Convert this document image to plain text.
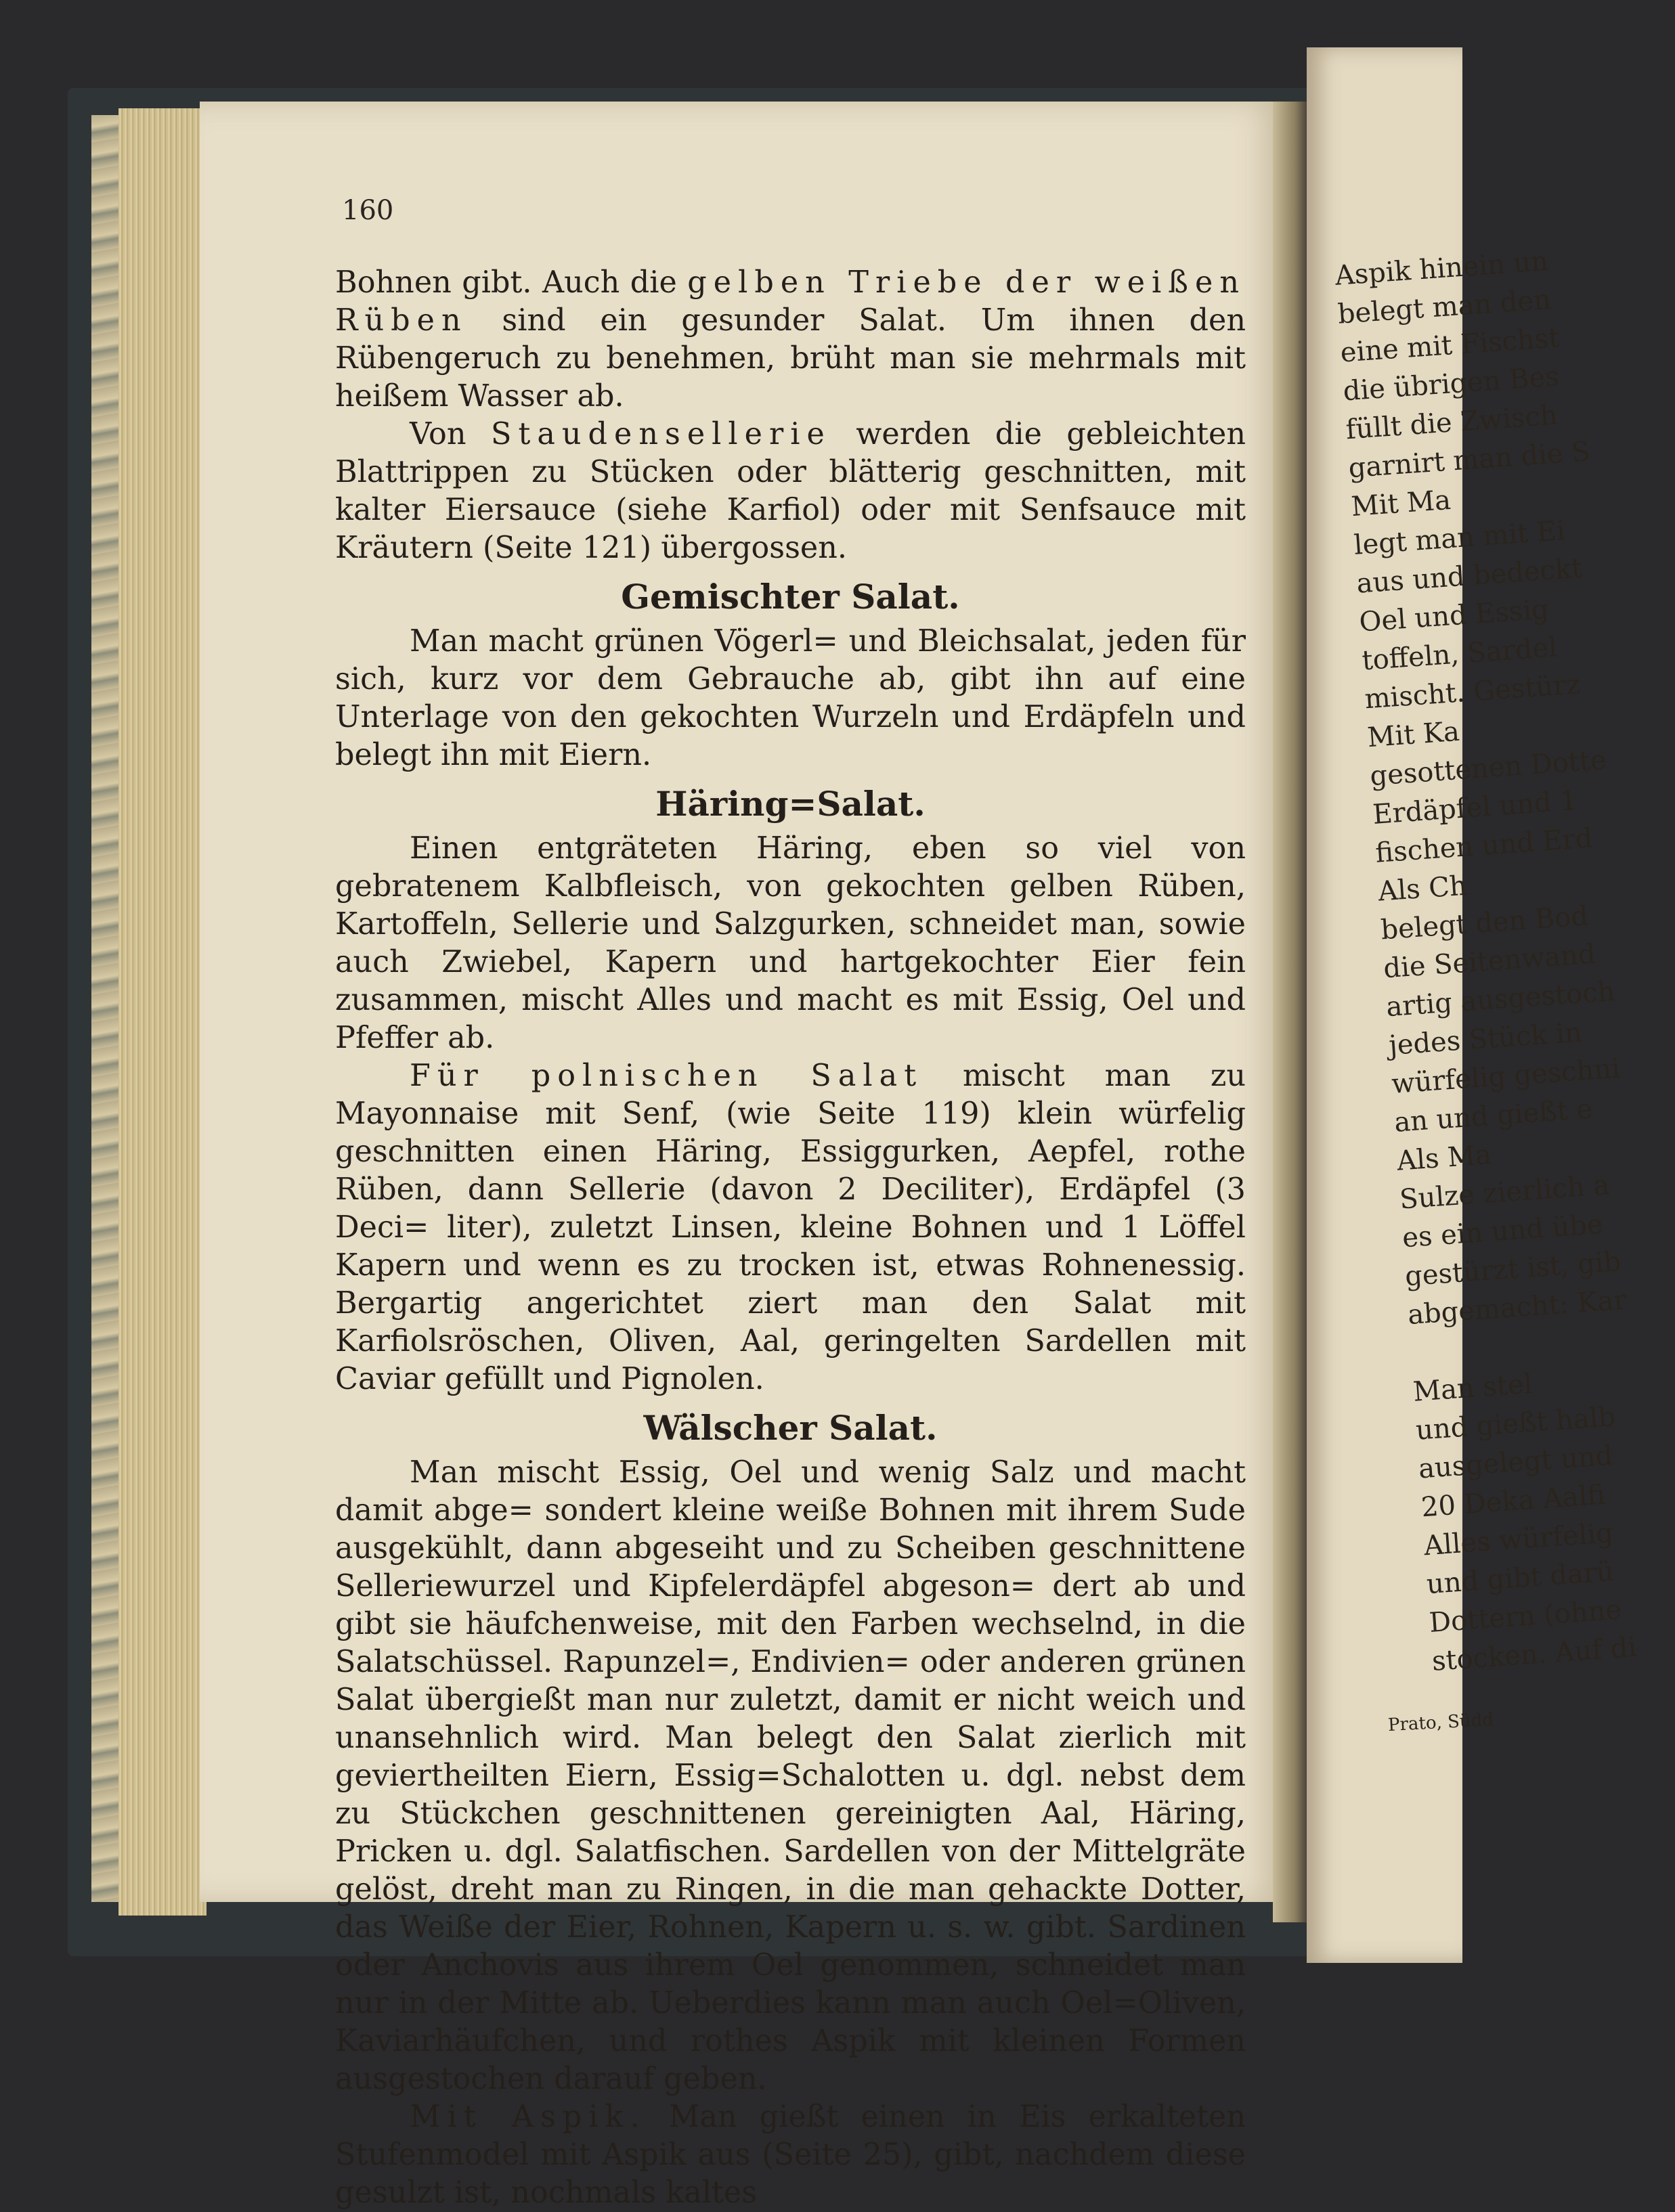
Aspik hinein un
belegt man den
eine mit Fischst
die übrigen Bes
füllt die Zwisch
garnirt man die S
Mit Ma
legt man mit Ei
aus und bedeckt
Oel und Essig
toffeln, Sardel
mischt. Gestürz
Mit Ka
gesottenen Dotte
Erdäpfel und 1
fischen und Erd
Als Ch
belegt den Bod
die Seitenwand
artig ausgestoch
jedes Stück in
würfelig geschni
an und gießt e
Als Ma
Sulze zierlich a
es ein und übe
gestürzt ist, gib
abgemacht: Kar
Man stel
und gießt halb
ausgelegt und
20 Deka Aalfi
Alles würfelig
und gibt darü
Dottern (ohne
stocken. Auf di
160

Bohnen gibt. Auch die gelben Triebe der weißen Rüben sind ein gesunder Salat. Um ihnen den Rübengeruch zu benehmen, brüht man sie mehrmals mit heißem Wasser ab.

Von Staudensellerie werden die gebleichten Blattrippen zu Stücken oder blätterig geschnitten, mit kalter Eiersauce (siehe Karfiol) oder mit Senfsauce mit Kräutern (Seite 121) übergossen.

Gemischter Salat.

Man macht grünen Vögerl= und Bleichsalat, jeden für sich, kurz vor dem Gebrauche ab, gibt ihn auf eine Unterlage von den gekochten Wurzeln und Erdäpfeln und belegt ihn mit Eiern.

Häring=Salat.

Einen entgräteten Häring, eben so viel von gebratenem Kalbfleisch, von gekochten gelben Rüben, Kartoffeln, Sellerie und Salzgurken, schneidet man, sowie auch Zwiebel, Kapern und hartgekochter Eier fein zusammen, mischt Alles und macht es mit Essig, Oel und Pfeffer ab.

Für polnischen Salat mischt man zu Mayonnaise mit Senf, (wie Seite 119) klein würfelig geschnitten einen Häring, Essiggurken, Aepfel, rothe Rüben, dann Sellerie (davon 2 Deciliter), Erdäpfel (3 Deci= liter), zuletzt Linsen, kleine Bohnen und 1 Löffel Kapern und wenn es zu trocken ist, etwas Rohnenessig. Bergartig angerichtet ziert man den Salat mit Karfiolsröschen, Oliven, Aal, geringelten Sardellen mit Caviar gefüllt und Pignolen.

Wälscher Salat.

Man mischt Essig, Oel und wenig Salz und macht damit abge= sondert kleine weiße Bohnen mit ihrem Sude ausgekühlt, dann abgeseiht und zu Scheiben geschnittene Selleriewurzel und Kipfelerdäpfel abgeson= dert ab und gibt sie häufchenweise, mit den Farben wechselnd, in die Salatschüssel. Rapunzel=, Endivien= oder anderen grünen Salat übergießt man nur zuletzt, damit er nicht weich und unansehnlich wird. Man belegt den Salat zierlich mit geviertheilten Eiern, Essig=Schalotten u. dgl. nebst dem zu Stückchen geschnittenen gereinigten Aal, Häring, Pricken u. dgl. Salatfischen. Sardellen von der Mittelgräte gelöst, dreht man zu Ringen, in die man gehackte Dotter, das Weiße der Eier, Rohnen, Kapern u. s. w. gibt. Sardinen oder Anchovis aus ihrem Oel genommen, schneidet man nur in der Mitte ab. Ueberdies kann man auch Oel=Oliven, Kaviarhäufchen, und rothes Aspik mit kleinen Formen ausgestochen darauf geben.

Mit Aspik. Man gießt einen in Eis erkalteten Stufenmodel mit Aspik aus (Seite 25), gibt, nachdem diese gesulzt ist, nochmals kaltes

Prato, Südd
